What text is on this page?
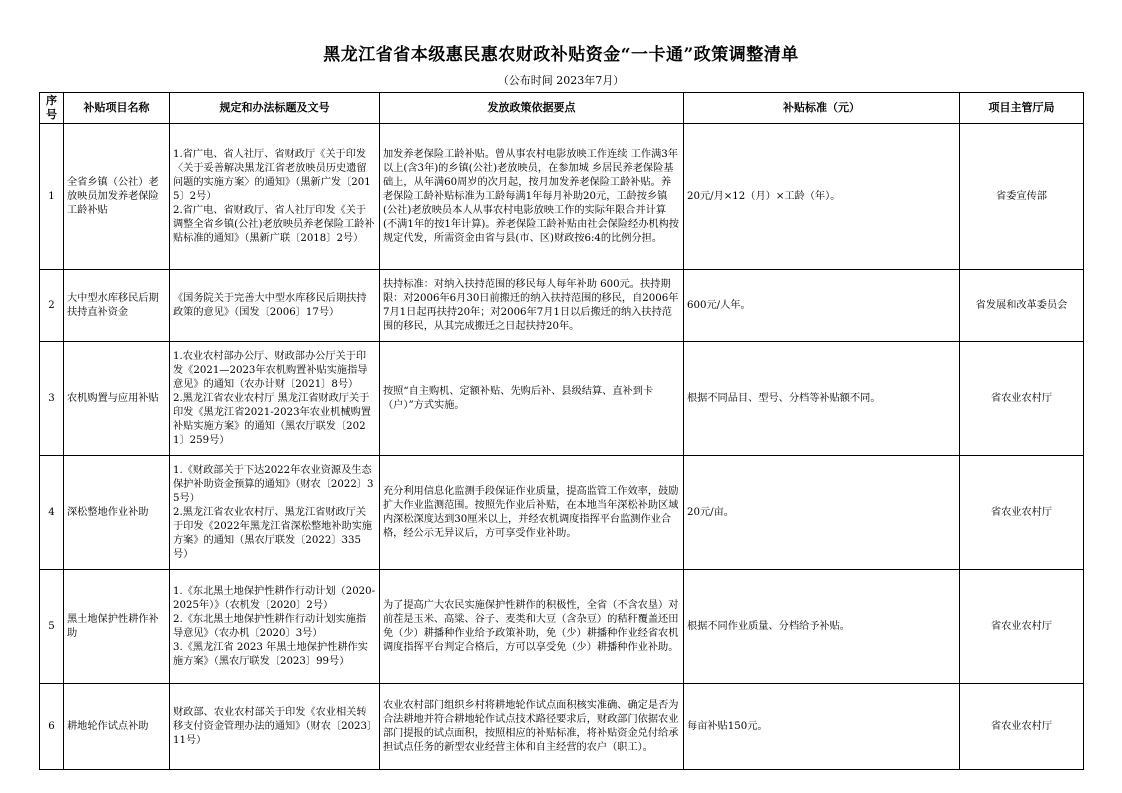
黑龙江省省本级惠民惠农财政补贴资金“一卡通”政策调整清单
（公布时间 2023年7月）
序号	补贴项目名称	规定和办法标题及文号	发放政策依据要点	补贴标准（元）	项目主管厅局
1	全省乡镇（公社）老放映员加发养老保险工龄补贴	1.省广电、省人社厅、省财政厅《关于印发〈关于妥善解决黑龙江省老放映员历史遗留问题的实施方案〉的通知》（黑新广发〔2015〕2号）
2.省广电、省财政厅、省人社厅印发《关于调整全省乡镇(公社)老放映员养老保险工龄补贴标准的通知》（黑新广联〔2018〕2号）	加发养老保险工龄补贴。曾从事农村电影放映工作连续 工作满3年以上(含3年)的乡镇(公社)老放映员，在参加城 乡居民养老保险基础上，从年满60周岁的次月起，按月加发养老保险工龄补贴。养老保险工龄补贴标准为工龄每满1年每月补助20元，工龄按乡镇(公社)老放映员本人从事农村电影放映工作的实际年限合并计算(不满1年的按1年计算)。养老保险工龄补贴由社会保险经办机构按规定代发，所需资金由省与县(市、区)财政按6:4的比例分担。	20元/月×12（月）×工龄（年）。	省委宣传部
2	大中型水库移民后期扶持直补资金	《国务院关于完善大中型水库移民后期扶持政策的意见》（国发〔2006〕17号）	扶持标准：对纳入扶持范围的移民每人每年补助 600元。扶持期限：对2006年6月30日前搬迁的纳入扶持范围的移民，自2006年7月1日起再扶持20年；对2006年7月1日以后搬迁的纳入扶持范围的移民，从其完成搬迁之日起扶持20年。	600元/人年。	省发展和改革委员会
3	农机购置与应用补贴	1.农业农村部办公厅、财政部办公厅关于印发《2021—2023年农机购置补贴实施指导意见》的通知（农办计财〔2021〕8号）
2.黑龙江省农业农村厅 黑龙江省财政厅关于印发《黑龙江省2021-2023年农业机械购置补贴实施方案》的通知（黑农厅联发〔2021〕259号）	按照“自主购机、定额补贴、先购后补、县级结算、直补到卡（户）”方式实施。	根据不同品目、型号、分档等补贴额不同。	省农业农村厅
4	深松整地作业补助	1.《财政部关于下达2022年农业资源及生态保护补助资金预算的通知》（财农〔2022〕35号）
2.黑龙江省农业农村厅、黑龙江省财政厅关于印发《2022年黑龙江省深松整地补助实施方案》的通知（黑农厅联发〔2022〕335号）	充分利用信息化监测手段保证作业质量，提高监管工作效率，鼓励扩大作业监测范围。按照先作业后补贴，在本地当年深松补助区域内深松深度达到30厘米以上，并经农机调度指挥平台监测作业合格，经公示无异议后，方可享受作业补助。	20元/亩。	省农业农村厅
5	黑土地保护性耕作补助	1.《东北黑土地保护性耕作行动计划（2020-2025年）》（农机发〔2020〕2号）
2.《东北黑土地保护性耕作行动计划实施指导意见》（农办机〔2020〕3号）
3.《黑龙江省 2023 年黑土地保护性耕作实施方案》（黑农厅联发〔2023〕99号）	为了提高广大农民实施保护性耕作的积极性，全省（不含农垦）对前茬是玉米、高粱、谷子、麦类和大豆（含杂豆）的秸秆覆盖还田免（少）耕播种作业给予政策补助，免（少）耕播种作业经省农机调度指挥平台判定合格后，方可以享受免（少）耕播种作业补助。	根据不同作业质量、分档给予补贴。	省农业农村厅
6	耕地轮作试点补助	财政部、农业农村部关于印发《农业相关转移支付资金管理办法的通知》（财农〔2023〕11号）	农业农村部门组织乡村将耕地轮作试点面积核实准确、确定是否为合法耕地并符合耕地轮作试点技术路径要求后，财政部门依据农业部门提报的试点面积，按照相应的补贴标准，将补贴资金兑付给承担试点任务的新型农业经营主体和自主经营的农户（职工）。	每亩补贴150元。	省农业农村厅
